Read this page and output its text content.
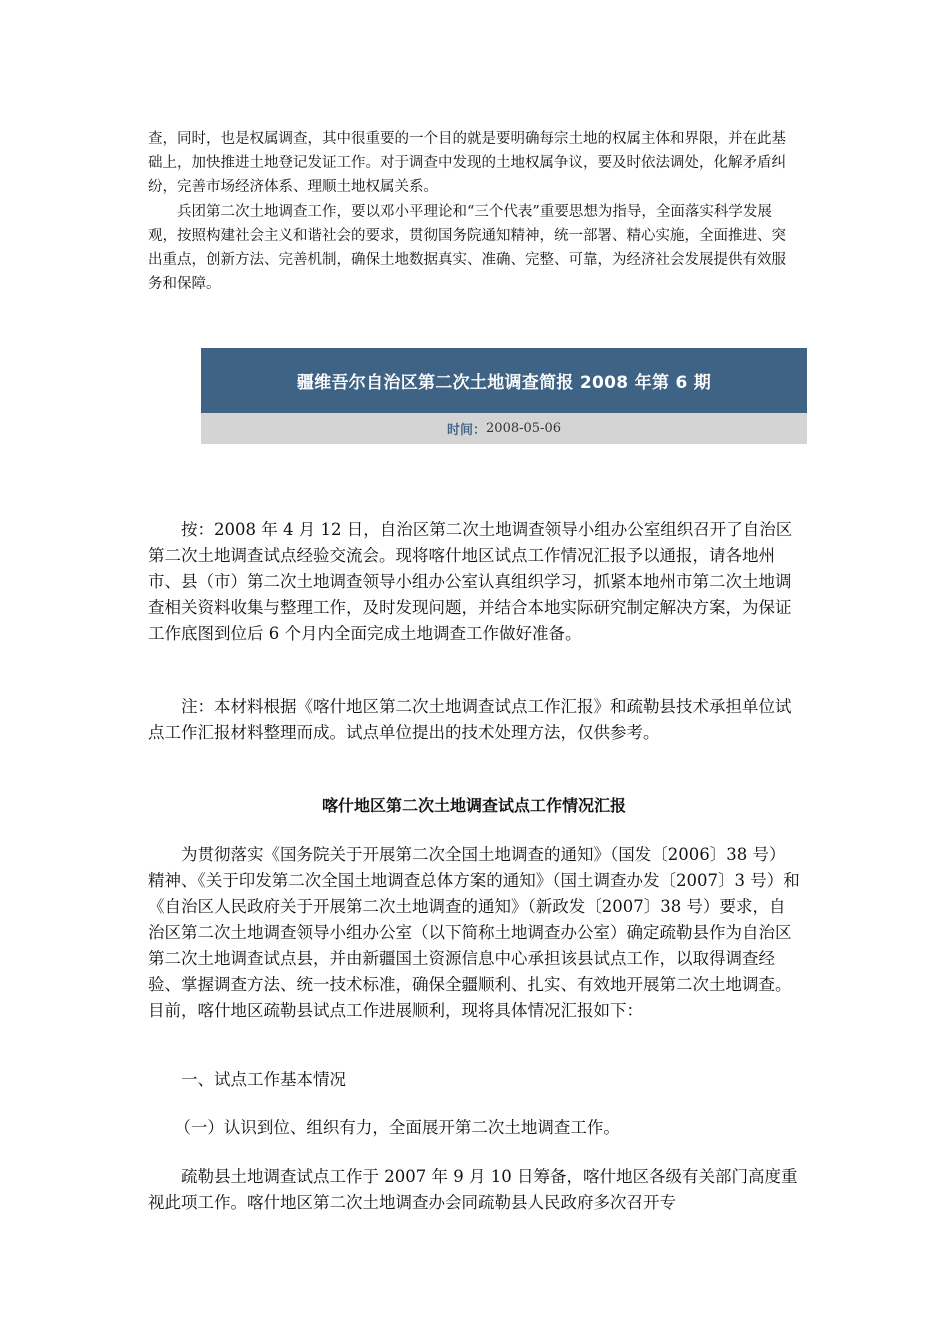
查，同时，也是权属调查，其中很重要的一个目的就是要明确每宗土地的权属主体和界限，并在此基础上，加快推进土地登记发证工作。对于调查中发现的土地权属争议，要及时依法调处，化解矛盾纠纷，完善市场经济体系、理顺土地权属关系。

兵团第二次土地调查工作，要以邓小平理论和“三个代表”重要思想为指导，全面落实科学发展观，按照构建社会主义和谐社会的要求，贯彻国务院通知精神，统一部署、精心实施，全面推进、突出重点，创新方法、完善机制，确保土地数据真实、准确、完整、可靠，为经济社会发展提供有效服务和保障。

疆维吾尔自治区第二次土地调查简报 2008 年第 6 期
时间： 2008-05-06

按：2008 年 4 月 12 日，自治区第二次土地调查领导小组办公室组织召开了自治区第二次土地调查试点经验交流会。现将喀什地区试点工作情况汇报予以通报，请各地州市、县（市）第二次土地调查领导小组办公室认真组织学习，抓紧本地州市第二次土地调查相关资料收集与整理工作，及时发现问题，并结合本地实际研究制定解决方案，为保证工作底图到位后 6 个月内全面完成土地调查工作做好准备。

注：本材料根据《喀什地区第二次土地调查试点工作汇报》和疏勒县技术承担单位试点工作汇报材料整理而成。试点单位提出的技术处理方法，仅供参考。

喀什地区第二次土地调查试点工作情况汇报

为贯彻落实《国务院关于开展第二次全国土地调查的通知》（国发〔2006〕38 号）精神、《关于印发第二次全国土地调查总体方案的通知》（国土调查办发〔2007〕3 号）和《自治区人民政府关于开展第二次土地调查的通知》（新政发〔2007〕38 号）要求，自治区第二次土地调查领导小组办公室（以下简称土地调查办公室）确定疏勒县作为自治区第二次土地调查试点县，并由新疆国土资源信息中心承担该县试点工作，以取得调查经验、掌握调查方法、统一技术标准，确保全疆顺利、扎实、有效地开展第二次土地调查。目前，喀什地区疏勒县试点工作进展顺利，现将具体情况汇报如下：

一、试点工作基本情况

（一）认识到位、组织有力，全面展开第二次土地调查工作。

疏勒县土地调查试点工作于 2007 年 9 月 10 日筹备，喀什地区各级有关部门高度重视此项工作。喀什地区第二次土地调查办会同疏勒县人民政府多次召开专
